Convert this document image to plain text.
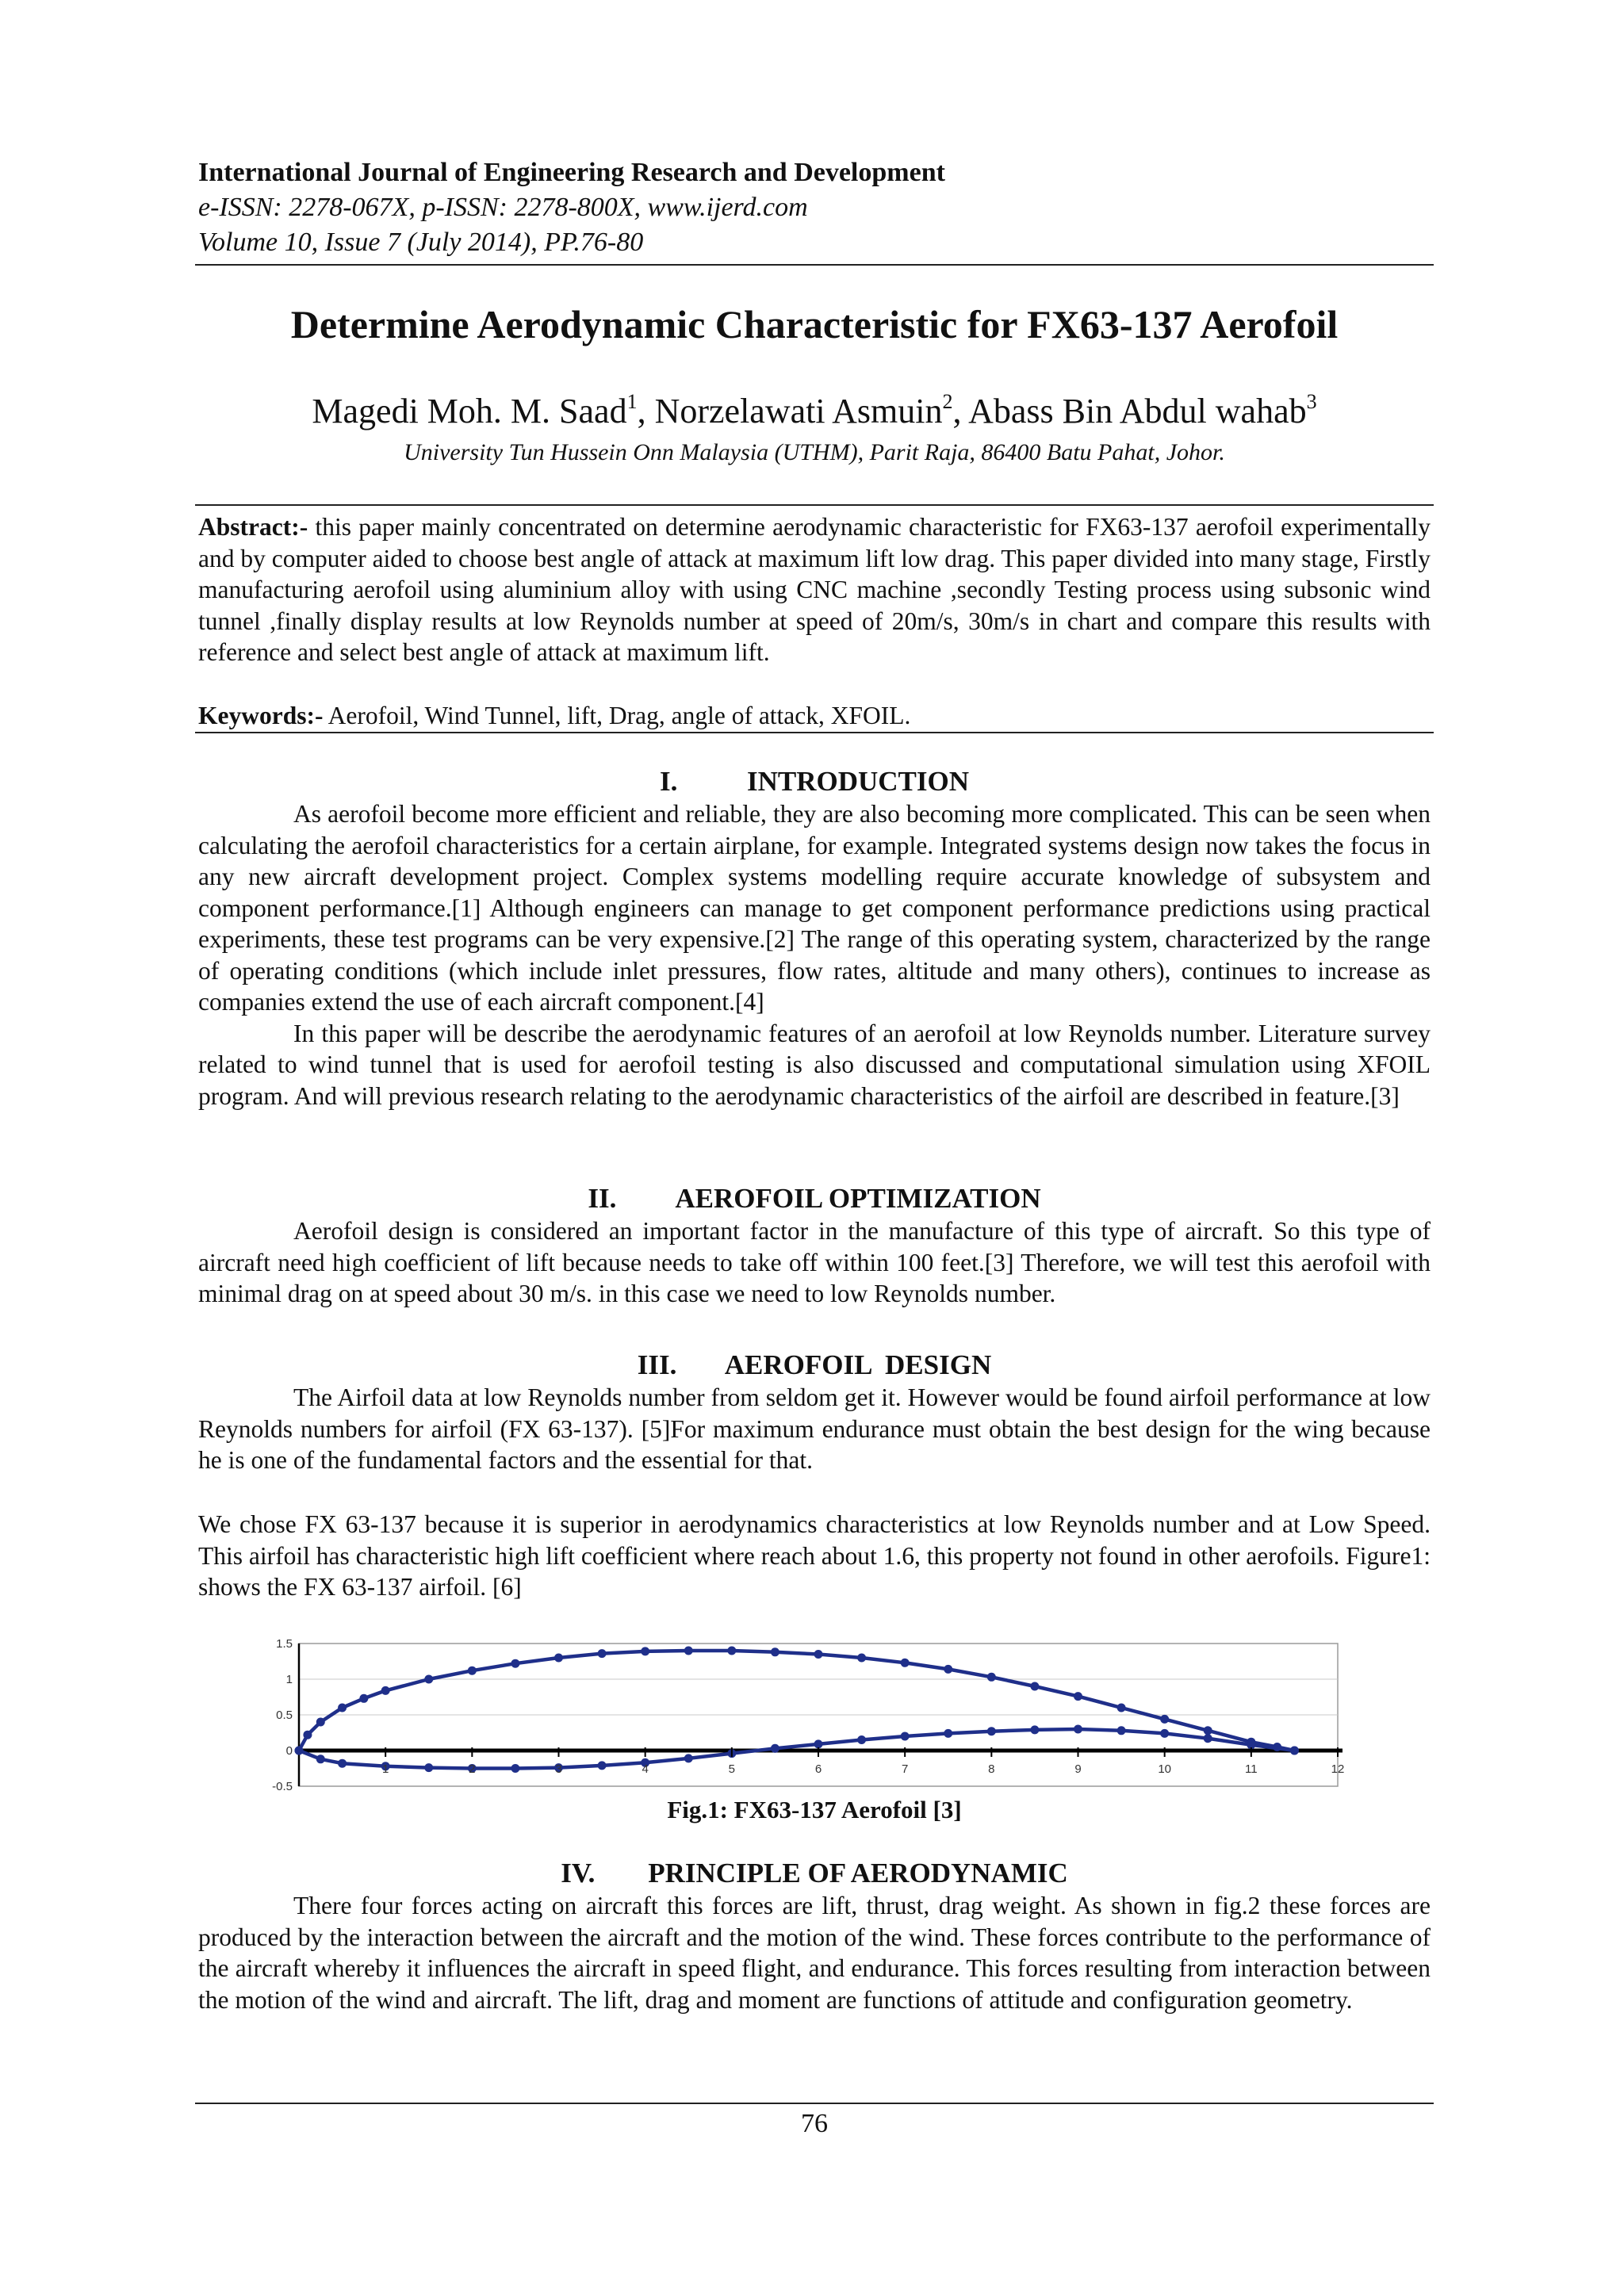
International Journal of Engineering Research and Development
e-ISSN: 2278-067X, p-ISSN: 2278-800X, www.ijerd.com
Volume 10, Issue 7 (July 2014), PP.76-80
Determine Aerodynamic Characteristic for FX63-137 Aerofoil
Magedi Moh. M. Saad$^1$, Norzelawati Asmuin$^2$, Abass Bin Abdul wahab$^3$
University Tun Hussein Onn Malaysia (UTHM), Parit Raja, 86400 Batu Pahat, Johor.
Abstract:- this paper mainly concentrated on determine aerodynamic characteristic for FX63-137 aerofoil experimentally and by computer aided to choose best angle of attack at maximum lift low drag. This paper divided into many stage, Firstly manufacturing aerofoil using aluminium alloy with using CNC machine ,secondly Testing process using subsonic wind tunnel ,finally display results at low Reynolds number at speed of 20m/s, 30m/s in chart and compare this results with reference and select best angle of attack at maximum lift.
Keywords:- Aerofoil, Wind Tunnel, lift, Drag, angle of attack, XFOIL.
I.	INTRODUCTION

As aerofoil become more efficient and reliable, they are also becoming more complicated. This can be seen when calculating the aerofoil characteristics for a certain airplane, for example. Integrated systems design now takes the focus in any new aircraft development project. Complex systems modelling require accurate knowledge of subsystem and component performance.[1] Although engineers can manage to get component performance predictions using practical experiments, these test programs can be very expensive.[2] The range of this operating system, characterized by the range of operating conditions (which include inlet pressures, flow rates, altitude and many others), continues to increase as companies extend the use of each aircraft component.[4]

In this paper will be describe the aerodynamic features of an aerofoil at low Reynolds number. Literature survey related to wind tunnel that is used for aerofoil testing is also discussed and computational simulation using XFOIL program. And will previous research relating to the aerodynamic characteristics of the airfoil are described in feature.[3]

II. AEROFOIL OPTIMIZATION

Aerofoil design is considered an important factor in the manufacture of this type of aircraft. So this type of aircraft need high coefficient of lift because needs to take off within 100 feet.[3] Therefore, we will test this aerofoil with minimal drag on at speed about 30 m/s. in this case we need to low Reynolds number.

III. AEROFOIL  DESIGN

The Airfoil data at low Reynolds number from seldom get it. However would be found airfoil performance at low Reynolds numbers for airfoil (FX 63-137). [5]For maximum endurance must obtain the best design for the wing because he is one of the fundamental factors and the essential for that.

We chose FX 63-137 because it is superior in aerodynamics characteristics at low Reynolds number and at Low Speed. This airfoil has characteristic high lift coefficient where reach about 1.6, this property not found in other aerofoils. Figure1: shows the FX 63-137 airfoil. [6]
1	2	3	4	5	6	7	8	9	10	11	12
1.5
1
0.5
0
-0.5
Fig.1: FX63-137 Aerofoil [3]
IV. PRINCIPLE OF AERODYNAMIC

There four forces acting on aircraft this forces are lift, thrust, drag weight. As shown in fig.2 these forces are produced by the interaction between the aircraft and the motion of the wind. These forces contribute to the performance of the aircraft whereby it influences the aircraft in speed flight, and endurance. This forces resulting from interaction between the motion of the wind and aircraft. The lift, drag and moment are functions of attitude and configuration geometry.

76
